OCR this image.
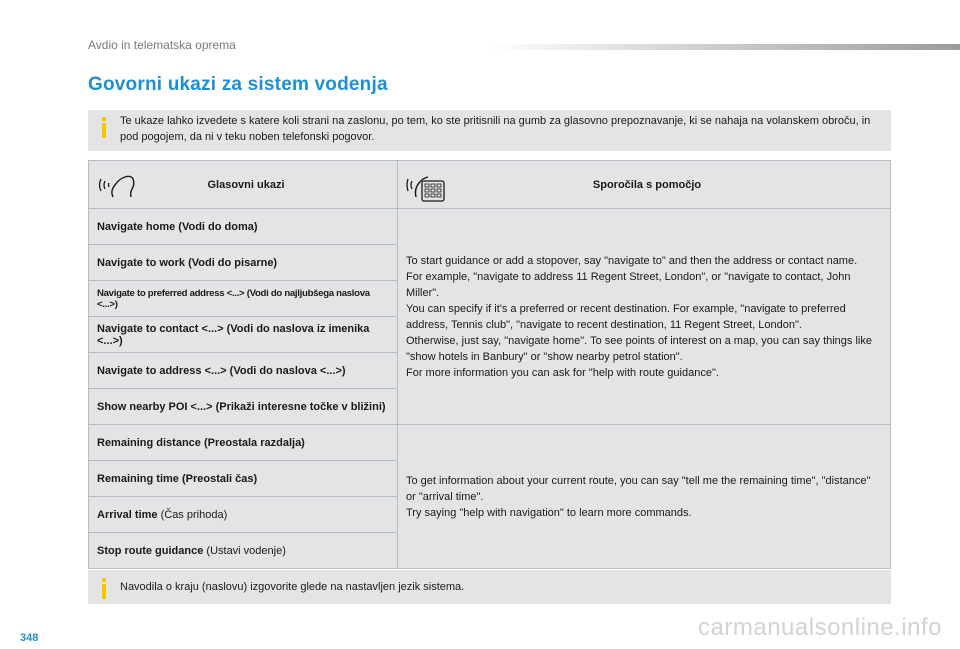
Avdio in telematska oprema
Govorni ukazi za sistem vodenja
Te ukaze lahko izvedete s katere koli strani na zaslonu, po tem, ko ste pritisnili na gumb za glasovno prepoznavanje, ki se nahaja na volanskem obroču, in pod pogojem, da ni v teku noben telefonski pogovor.
Glasovni ukazi	Sporočila s pomočjo

Navigate home (Vodi do doma)	To start guidance or add a stopover, say "navigate to" and then the address or contact name.
For example, "navigate to address 11 Regent Street, London", or "navigate to contact, John Miller".
You can specify if it's a preferred or recent destination. For example, "navigate to preferred address, Tennis club", "navigate to recent destination, 11 Regent Street, London".
Otherwise, just say, "navigate home". To see points of interest on a map, you can say things like "show hotels in Banbury" or "show nearby petrol station".
For more information you can ask for "help with route guidance".

Navigate to work (Vodi do pisarne)	
Navigate to preferred address <...> (Vodi do najljubšega naslova <...>)	
Navigate to contact <...> (Vodi do naslova iz imenika <...>)	
Navigate to address <...> (Vodi do naslova <...>)	
Show nearby POI <...> (Prikaži interesne točke v bližini)	
Remaining distance (Preostala razdalja)	To get information about your current route, you can say "tell me the remaining time", "distance" or "arrival time".
Try saying "help with navigation" to learn more commands.

Remaining time (Preostali čas)	
Arrival time (Čas prihoda)	
Stop route guidance (Ustavi vodenje)	
Navodila o kraju (naslovu) izgovorite glede na nastavljen jezik sistema.
348	carmanualsonline.info
